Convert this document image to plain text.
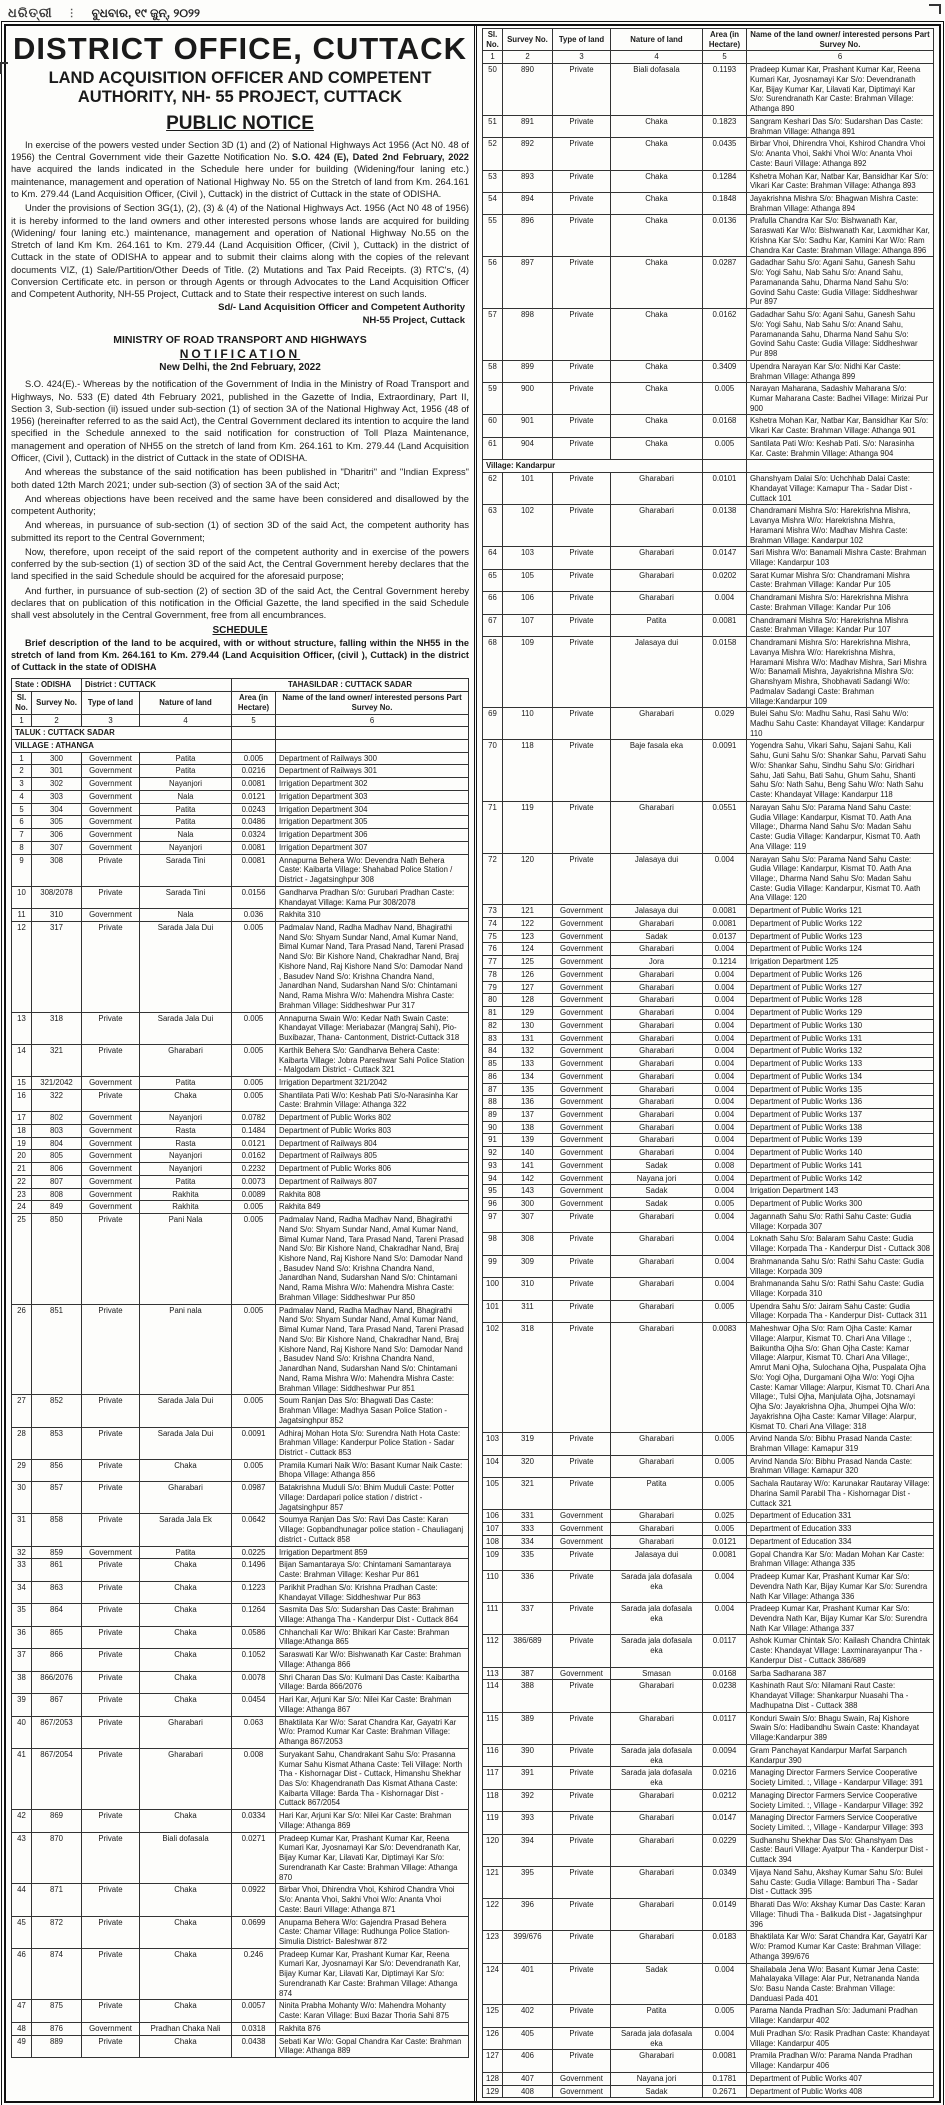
ଧରିତ୍ରୀ ⋮ ବୁଧବାର, ୧୯ ଜୁନ୍, ୨୦୨୨
DISTRICT OFFICE, CUTTACK
LAND ACQUISITION OFFICER AND COMPETENT
AUTHORITY, NH- 55 PROJECT, CUTTACK
PUBLIC NOTICE

In exercise of the powers vested under Section 3D (1) and (2) of National Highways Act 1956 (Act N0. 48 of 1956) the Central Government vide their Gazette Notification No. S.O. 424 (E), Dated 2nd February, 2022 have acquired the lands indicated in the Schedule here under for building (Widening/four laning etc.) maintenance, management and operation of National Highway No. 55 on the Stretch of land from Km. 264.161 to Km. 279.44 (Land Acquisition Officer, (Civil ), Cuttack) in the district of Cuttack in the state of ODISHA.

Under the provisions of Section 3G(1), (2), (3) & (4) of the National Highways Act. 1956 (Act N0 48 of 1956) it is hereby informed to the land owners and other interested persons whose lands are acquired for building (Widening/ four laning etc.) maintenance, management and operation of National Highway No.55 on the Stretch of land Km Km. 264.161 to Km. 279.44 (Land Acquisition Officer, (Civil ), Cuttack) in the district of Cuttack in the state of ODISHA to appear and to submit their claims along with the copies of the relevant documents VIZ, (1) Sale/Partition/Other Deeds of Title. (2) Mutations and Tax Paid Receipts. (3) RTC's, (4) Conversion Certificate etc. in person or through Agents or through Advocates to the Land Acquisition Officer and Competent Authority, NH-55 Project, Cuttack and to State their respective interest on such lands.

Sd/- Land Acquisition Officer and Competent Authority
NH-55 Project, Cuttack
MINISTRY OF ROAD TRANSPORT AND HIGHWAYS
NOTIFICATION
New Delhi, the 2nd February, 2022

S.O. 424(E).- Whereas by the notification of the Government of India in the Ministry of Road Transport and Highways, No. 533 (E) dated 4th February 2021, published in the Gazette of India, Extraordinary, Part II, Section 3, Sub-section (ii) issued under sub-section (1) of section 3A of the National Highway Act, 1956 (48 of 1956) (hereinafter referred to as the said Act), the Central Government declared its intention to acquire the land specified in the Schedule annexed to the said notification for construction of Toll Plaza Maintenance, management and operation of NH55 on the stretch of land from Km. 264.161 to Km. 279.44 (Land Acquisition Officer, (Civil ), Cuttack) in the district of Cuttack in the state of ODISHA.

And whereas the substance of the said notification has been published in "Dharitri" and "Indian Express" both dated 12th March 2021; under sub-section (3) of section 3A of the said Act;

And whereas objections have been received and the same have been considered and disallowed by the competent Authority;

And whereas, in pursuance of sub-section (1) of section 3D of the said Act, the competent authority has submitted its report to the Central Government;

Now, therefore, upon receipt of the said report of the competent authority and in exercise of the powers conferred by the sub-section (1) of section 3D of the said Act, the Central Government hereby declares that the land specified in the said Schedule should be acquired for the aforesaid purpose;

And further, in pursuance of sub-section (2) of section 3D of the said Act, the Central Government hereby declares that on publication of this notification in the Official Gazette, the land specified in the said Schedule shall vest absolutely in the Central Government, free from all encumbrances.

SCHEDULE

Brief description of the land to be acquired, with or without structure, falling within the NH55 in the stretch of land from Km. 264.161 to Km. 279.44 (Land Acquisition Officer, (civil ), Cuttack) in the district of Cuttack in the state of ODISHA

State : ODISHA		District : CUTTACK		TAHASILDAR : CUTTACK SADAR	
Sl. No.	Survey No.	Type of land	Nature of land	Area (in Hectare)	Name of the land owner/ interested persons Part Survey No.
1	2	3	4	5	6
TALUK : CUTTACK SADAR					
VILLAGE : ATHANGA					
1	300	Government	Patita	0.005	Department of Railways 300
2	301	Government	Patita	0.0216	Department of Railways 301
3	302	Government	Nayanjori	0.0081	Irrigation Department 302
4	303	Government	Nala	0.0121	Irrigation Department 303
5	304	Government	Patita	0.0243	Irrigation Department 304
6	305	Government	Patita	0.0486	Irrigation Department 305
7	306	Government	Nala	0.0324	Irrigation Department 306
8	307	Government	Nayanjori	0.0081	Irrigation Department 307
9	308	Private	Sarada Tini	0.0081	Annapurna Behera W/o: Devendra Nath Behera Caste: Kaibarta Village: Shahabad Police Station / District - Jagatsinghpur 308
10	308/2078	Private	Sarada Tini	0.0156	Gandharva Pradhan S/o: Gurubari Pradhan Caste: Khandayat Village: Kama Pur 308/2078
11	310	Government	Nala	0.036	Rakhita 310
12	317	Private	Sarada Jala Dui	0.005	Padmalav Nand, Radha Madhav Nand, Bhagirathi Nand S/o: Shyam Sundar Nand, Amal Kumar Nand, Bimal Kumar Nand, Tara Prasad Nand, Tareni Prasad Nand S/o: Bir Kishore Nand, Chakradhar Nand, Braj Kishore Nand, Raj Kishore Nand S/o: Damodar Nand , Basudev Nand S/o: Krishna Chandra Nand, Janardhan Nand, Sudarshan Nand S/o: Chintamani Nand, Rama Mishra W/o: Mahendra Mishra Caste: Brahman Village: Siddheshwar Pur 317
13	318	Private	Sarada Jala Dui	0.005	Annapurna Swain W/o: Kedar Nath Swain Caste: Khandayat Village: Meriabazar (Mangraj Sahi), Pio-Buxibazar, Thana- Cantonment, District-Cuttack 318
14	321	Private	Gharabari	0.005	Karthik Behera S/o: Gandharva Behera Caste: Kaibarta Village: Jobra Pareshwar Sahi Police Station - Malgodam District - Cuttack 321
15	321/2042	Government	Patita	0.005	Irrigation Department 321/2042
16	322	Private	Chaka	0.005	Shantilata Pati W/o: Keshab Pati S/o-Narasinha Kar Caste: Brahmin Village: Athanga 322
17	802	Government	Nayanjori	0.0782	Department of Public Works 802
18	803	Government	Rasta	0.1484	Department of Public Works 803
19	804	Government	Rasta	0.0121	Department of Railways 804
20	805	Government	Nayanjori	0.0162	Department of Railways 805
21	806	Government	Nayanjori	0.2232	Department of Public Works 806
22	807	Government	Patita	0.0073	Department of Railways 807
23	808	Government	Rakhita	0.0089	Rakhita 808
24	849	Government	Rakhita	0.005	Rakhita 849
25	850	Private	Pani Nala	0.005	Padmalav Nand, Radha Madhav Nand, Bhagirathi Nand S/o: Shyam Sundar Nand, Amal Kumar Nand, Bimal Kumar Nand, Tara Prasad Nand, Tareni Prasad Nand S/o: Bir Kishore Nand, Chakradhar Nand, Braj Kishore Nand, Raj Kishore Nand S/o: Damodar Nand , Basudev Nand S/o: Krishna Chandra Nand, Janardhan Nand, Sudarshan Nand S/o: Chintamani Nand, Rama Mishra W/o: Mahendra Mishra Caste: Brahman Village: Siddheshwar Pur 850
26	851	Private	Pani nala	0.005	Padmalav Nand, Radha Madhav Nand, Bhagirathi Nand S/o: Shyam Sundar Nand, Amal Kumar Nand, Bimal Kumar Nand, Tara Prasad Nand, Tareni Prasad Nand S/o: Bir Kishore Nand, Chakradhar Nand, Braj Kishore Nand, Raj Kishore Nand S/o: Damodar Nand , Basudev Nand S/o: Krishna Chandra Nand, Janardhan Nand, Sudarshan Nand S/o: Chintamani Nand, Rama Mishra W/o: Mahendra Mishra Caste: Brahman Village: Siddheshwar Pur 851
27	852	Private	Sarada Jala Dui	0.005	Soum Ranjan Das S/o: Bhagwati Das Caste: Brahman Village: Madhya Sasan Police Station - Jagatsinghpur 852
28	853	Private	Sarada Jala Dui	0.0091	Adhiraj Mohan Hota S/o: Surendra Nath Hota Caste: Brahman Village: Kanderpur Police Station - Sadar District - Cuttack 853
29	856	Private	Chaka	0.005	Pramila Kumari Naik W/o: Basant Kumar Naik Caste: Bhopa Village: Athanga 856
30	857	Private	Gharabari	0.0987	Batakrishna Muduli S/o: Bhim Muduli Caste: Potter Village: Dardapari police station / district - Jagatsinghpur 857
31	858	Private	Sarada Jala Ek	0.0642	Soumya Ranjan Das S/o: Ravi Das Caste: Karan Village: Gopbandhunagar police station - Chauliaganj district - Cuttack 858
32	859	Government	Patita	0.0225	Irrigation Department 859
33	861	Private	Chaka	0.1496	Bijan Samantaraya S/o: Chintamani Samantaraya Caste: Brahman Village: Keshar Pur 861
34	863	Private	Chaka	0.1223	Parikhit Pradhan S/o: Krishna Pradhan Caste: Khandayat Village: Siddheshwar Pur 863
35	864	Private	Chaka	0.1264	Sasmita Das S/o: Sudarshan Das Caste: Brahman Village: Athanga Tha - Kanderpur Dist - Cuttack 864
36	865	Private	Chaka	0.0586	Chhanchali Kar W/o: Bhikari Kar Caste: Brahman Village:Athanga 865
37	866	Private	Chaka	0.1052	Saraswati Kar W/o: Bishwanath Kar Caste: Brahman Village: Athanga 866
38	866/2076	Private	Chaka	0.0078	Shri Charan Das S/o: Kulmani Das Caste: Kaibartha Village: Barda 866/2076
39	867	Private	Chaka	0.0454	Hari Kar, Arjuni Kar S/o: Nilei Kar Caste: Brahman Village: Athanga 867
40	867/2053	Private	Gharabari	0.063	Bhaktilata Kar W/o: Sarat Chandra Kar, Gayatri Kar W/o: Pramod Kumar Kar Caste: Brahman Village: Athanga 867/2053
41	867/2054	Private	Gharabari	0.008	Suryakant Sahu, Chandrakant Sahu S/o: Prasanna Kumar Sahu Kismat Athana Caste: Teli Village: North Tha - Kishornagar Dist - Cuttack, Himanshu Shekhar Das S/o: Khagendranath Das Kismat Athana Caste: Kaibarta Village: Barda Tha - Kishornagar Dist - Cuttack 867/2054
42	869	Private	Chaka	0.0334	Hari Kar, Arjuni Kar S/o: Nilei Kar Caste: Brahman Village: Athanga 869
43	870	Private	Biali dofasala	0.0271	Pradeep Kumar Kar, Prashant Kumar Kar, Reena Kumari Kar, Jyosnamayi Kar S/o: Devendranath Kar, Bijay Kumar Kar, Lilavati Kar, Diptimayi Kar S/o: Surendranath Kar Caste: Brahman Village: Athanga 870
44	871	Private	Chaka	0.0922	Birbar Vhoi, Dhirendra Vhoi, Kshirod Chandra Vhoi S/o: Ananta Vhoi, Sakhi Vhoi W/o: Ananta Vhoi Caste: Bauri Village: Athanga 871
45	872	Private	Chaka	0.0699	Anupama Behera W/o: Gajendra Prasad Behera Caste: Chamar Village: Rudhunga Police Station-Simulia District- Baleshwar 872
46	874	Private	Chaka	0.246	Pradeep Kumar Kar, Prashant Kumar Kar, Reena Kumari Kar, Jyosnamayi Kar S/o: Devendranath Kar, Bijay Kumar Kar, Lilavati Kar, Diptimayi Kar S/o: Surendranath Kar Caste: Brahman Village: Athanga 874
47	875	Private	Chaka	0.0057	Ninita Prabha Mohanty W/o: Mahendra Mohanty Caste: Karan Village: Buxi Bazar Thoria Sahi 875
48	876	Government	Pradhan Chaka Nali	0.0318	Rakhita 876
49	889	Private	Chaka	0.0438	Sebati Kar W/o: Gopal Chandra Kar Caste: Brahman Village: Athanga 889
Sl. No.	Survey No.	Type of land	Nature of land	Area (in Hectare)	Name of the land owner/ interested persons Part Survey No.
1	2	3	4	5	6
50	890	Private	Biali dofasala	0.1193	Pradeep Kumar Kar, Prashant Kumar Kar, Reena Kumari Kar, Jyosnamayi Kar S/o: Devendranath Kar, Bijay Kumar Kar, Lilavati Kar, Diptimayi Kar S/o: Surendranath Kar Caste: Brahman Village: Athanga 890
51	891	Private	Chaka	0.1823	Sangram Keshari Das S/o: Sudarshan Das Caste: Brahman Village: Athanga 891
52	892	Private	Chaka	0.0435	Birbar Vhoi, Dhirendra Vhoi, Kshirod Chandra Vhoi S/o: Ananta Vhoi, Sakhi Vhoi W/o: Ananta Vhoi Caste: Bauri Village: Athanga 892
53	893	Private	Chaka	0.1284	Kshetra Mohan Kar, Natbar Kar, Bansidhar Kar S/o: Vikari Kar Caste: Brahman Village: Athanga 893
54	894	Private	Chaka	0.1848	Jayakrishna Mishra S/o: Bhagwan Mishra Caste: Brahman Village: Athanga 894
55	896	Private	Chaka	0.0136	Prafulla Chandra Kar S/o: Bishwanath Kar, Saraswati Kar W/o: Bishwanath Kar, Laxmidhar Kar, Krishna Kar S/o: Sadhu Kar, Kamini Kar W/o: Ram Chandra Kar Caste: Brahman Village: Athanga 896
56	897	Private	Chaka	0.0287	Gadadhar Sahu S/o: Agani Sahu, Ganesh Sahu S/o: Yogi Sahu, Nab Sahu S/o: Anand Sahu, Paramananda Sahu, Dharma Nand Sahu S/o: Govind Sahu Caste: Gudia Village: Siddheshwar Pur 897
57	898	Private	Chaka	0.0162	Gadadhar Sahu S/o: Agani Sahu, Ganesh Sahu S/o: Yogi Sahu, Nab Sahu S/o: Anand Sahu, Paramananda Sahu, Dharma Nand Sahu S/o: Govind Sahu Caste: Gudia Village: Siddheshwar Pur 898
58	899	Private	Chaka	0.3409	Upendra Narayan Kar S/o: Nidhi Kar Caste: Brahman Village: Athanga 899
59	900	Private	Chaka	0.005	Narayan Maharana, Sadashiv Maharana S/o: Kumar Maharana Caste: Badhei Village: Mirizai Pur 900
60	901	Private	Chaka	0.0168	Kshetra Mohan Kar, Natbar Kar, Bansidhar Kar S/o: Vikari Kar Caste: Brahman Village: Athanga 901
61	904	Private	Chaka	0.005	Santilata Pati W/o: Keshab Pati. S/o: Narasinha Kar. Caste: Brahmin Village: Athanga 904
Village: Kandarpur					
62	101	Private	Gharabari	0.0101	Ghanshyam Dalai S/o: Uchchhab Dalai Caste: Khandayat Village: Kamapur Tha - Sadar Dist - Cuttack 101
63	102	Private	Gharabari	0.0138	Chandramani Mishra S/o: Harekrishna Mishra, Lavanya Mishra W/o: Harekrishna Mishra, Haramani Mishra W/o: Madhav Mishra Caste: Brahman Village: Kandarpur 102
64	103	Private	Gharabari	0.0147	Sari Mishra W/o: Banamali Mishra Caste: Brahman Village: Kandarpur 103
65	105	Private	Gharabari	0.0202	Sarat Kumar Mishra S/o: Chandramani Mishra Caste: Brahman Village: Kandar Pur 105
66	106	Private	Gharabari	0.004	Chandramani Mishra S/o: Harekrishna Mishra Caste: Brahman Village: Kandar Pur 106
67	107	Private	Patita	0.0081	Chandramani Mishra S/o: Harekrishna Mishra Caste: Brahman Village: Kandar Pur 107
68	109	Private	Jalasaya dui	0.0158	Chandramani Mishra S/o: Harekrishna Mishra, Lavanya Mishra W/o: Harekrishna Mishra, Haramani Mishra W/o: Madhav Mishra, Sari Mishra W/o: Banamali Mishra, Jayakrishna Mishra S/o: Ghanshyam Mishra, Shobhavati Sadangi W/o: Padmalav Sadangi Caste: Brahman Village:Kandarpur 109
69	110	Private	Gharabari	0.029	Bulei Sahu S/o: Madhu Sahu, Rasi Sahu W/o: Madhu Sahu Caste: Khandayat Village: Kandarpur 110
70	118	Private	Baje fasala eka	0.0091	Yogendra Sahu, Vikari Sahu, Sajani Sahu, Kali Sahu, Guni Sahu S/o: Shankar Sahu, Parvati Sahu W/o: Shankar Sahu, Sindhu Sahu S/o: Giridhari Sahu, Jati Sahu, Bati Sahu, Ghum Sahu, Shanti Sahu S/o: Nath Sahu, Beng Sahu W/o: Nath Sahu Caste: Khandayat Village: Kandarpur 118
71	119	Private	Gharabari	0.0551	Narayan Sahu S/o: Parama Nand Sahu Caste: Gudia Village: Kandarpur, Kismat T0. Aath Ana Village:, Dharma Nand Sahu S/o: Madan Sahu Caste: Gudia Village: Kandarpur, Kismat T0. Aath Ana Village: 119
72	120	Private	Jalasaya dui	0.004	Narayan Sahu S/o: Parama Nand Sahu Caste: Gudia Village: Kandarpur, Kismat T0. Aath Ana Village:, Dharma Nand Sahu S/o: Madan Sahu Caste: Gudia Village: Kandarpur, Kismat T0. Aath Ana Village: 120
73	121	Government	Jalasaya dui	0.0081	Department of Public Works 121
74	122	Government	Gharabari	0.0081	Department of Public Works 122
75	123	Government	Sadak	0.0137	Department of Public Works 123
76	124	Government	Gharabari	0.004	Department of Public Works 124
77	125	Government	Jora	0.1214	Irrigation Department 125
78	126	Government	Gharabari	0.004	Department of Public Works 126
79	127	Government	Gharabari	0.004	Department of Public Works 127
80	128	Government	Gharabari	0.004	Department of Public Works 128
81	129	Government	Gharabari	0.004	Department of Public Works 129
82	130	Government	Gharabari	0.004	Department of Public Works 130
83	131	Government	Gharabari	0.004	Department of Public Works 131
84	132	Government	Gharabari	0.004	Department of Public Works 132
85	133	Government	Gharabari	0.004	Department of Public Works 133
86	134	Government	Gharabari	0.004	Department of Public Works 134
87	135	Government	Gharabari	0.004	Department of Public Works 135
88	136	Government	Gharabari	0.004	Department of Public Works 136
89	137	Government	Gharabari	0.004	Department of Public Works 137
90	138	Government	Gharabari	0.004	Department of Public Works 138
91	139	Government	Gharabari	0.004	Department of Public Works 139
92	140	Government	Gharabari	0.004	Department of Public Works 140
93	141	Government	Sadak	0.008	Department of Public Works 141
94	142	Government	Nayana jori	0.004	Department of Public Works 142
95	143	Government	Sadak	0.004	Irrigation Department 143
96	300	Government	Sadak	0.005	Department of Public Works 300
97	307	Private	Gharabari	0.004	Jagannath Sahu S/o: Rathi Sahu Caste: Gudia Village: Korpada 307
98	308	Private	Gharabari	0.004	Loknath Sahu S/o: Balaram Sahu Caste: Gudia Village: Korpada Tha - Kanderpur Dist - Cuttack 308
99	309	Private	Gharabari	0.004	Brahmananda Sahu S/o: Rathi Sahu Caste: Gudia Village: Korpada 309
100	310	Private	Gharabari	0.004	Brahmananda Sahu S/o: Rathi Sahu Caste: Gudia Village: Korpada 310
101	311	Private	Gharabari	0.005	Upendra Sahu S/o: Jairam Sahu Caste: Gudia Village: Korpada Tha - Kanderpur Dist- Cuttack 311
102	318	Private	Gharabari	0.0083	Maheshwar Ojha S/o: Ram Ojha Caste: Kamar Village: Alarpur, Kismat T0. Chari Ana Village :, Baikuntha Ojha S/o: Ghan Ojha Caste: Kamar Village: Alarpur, Kismat T0. Chari Ana Village:, Amrut Mani Ojha, Sulochana Ojha, Puspalata Ojha S/o: Yogi Ojha, Durgamani Ojha W/o: Yogi Ojha Caste: Kamar Village: Alarpur, Kismat T0. Chari Ana Village:, Tulsi Ojha, Manjulata Ojha, Jotsnamayi Ojha S/o: Jayakrishna Ojha, Jhumpei Ojha W/o: Jayakrishna Ojha Caste: Kamar Village: Alarpur, Kismat T0. Chari Ana Village: 318
103	319	Private	Gharabari	0.005	Arvind Nanda S/o: Bibhu Prasad Nanda Caste: Brahman Village: Kamapur 319
104	320	Private	Gharabari	0.005	Arvind Nanda S/o: Bibhu Prasad Nanda Caste: Brahman Village: Kamapur 320
105	321	Private	Patita	0.005	Sachala Rautaray W/o: Karunakar Rautaray Village: Dharina Samil Parabil Tha - Kishornagar Dist - Cuttack 321
106	331	Government	Gharabari	0.025	Department of Education 331
107	333	Government	Gharabari	0.005	Department of Education 333
108	334	Government	Gharabari	0.0121	Department of Education 334
109	335	Private	Jalasaya dui	0.0081	Gopal Chandra Kar S/o: Madan Mohan Kar Caste: Brahman Village: Athanga 335
110	336	Private	Sarada jala dofasala eka	0.004	Pradeep Kumar Kar, Prashant Kumar Kar S/o: Devendra Nath Kar, Bijay Kumar Kar S/o: Surendra Nath Kar Village: Athanga 336
111	337	Private	Sarada jala dofasala eka	0.004	Pradeep Kumar Kar, Prashant Kumar Kar S/o: Devendra Nath Kar, Bijay Kumar Kar S/o: Surendra Nath Kar Village: Athanga 337
112	386/689	Private	Sarada jala dofasala eka	0.0117	Ashok Kumar Chintak S/o: Kailash Chandra Chintak Caste: Khandayat Village: Laxminarayanpur Tha - Kanderpur Dist - Cuttack 386/689
113	387	Government	Smasan	0.0168	Sarba Sadharana 387
114	388	Private	Gharabari	0.0238	Kashinath Raut S/o: Nilamani Raut Caste: Khandayat Village: Shankarpur Nuasahi Tha - Madhupatna Dist - Cuttack 388
115	389	Private	Gharabari	0.0117	Konduri Swain S/o: Bhagu Swain, Raj Kishore Swain S/o: Hadibandhu Swain Caste: Khandayat Village:Kandarpur 389
116	390	Private	Sarada jala dofasala eka	0.0094	Gram Panchayat Kandarpur Marfat Sarpanch Kandarpur 390
117	391	Private	Sarada jala dofasala eka	0.0216	Managing Director Farmers Service Cooperative Society Limited. :, Village - Kandarpur Village: 391
118	392	Private	Gharabari	0.0212	Managing Director Farmers Service Cooperative Society Limited. :, Village - Kandarpur Village: 392
119	393	Private	Gharabari	0.0147	Managing Director Farmers Service Cooperative Society Limited. :, Village - Kandarpur Village: 393
120	394	Private	Gharabari	0.0229	Sudhanshu Shekhar Das S/o: Ghanshyam Das Caste: Bauri Village: Ayatpur Tha - Kanderpur Dist - Cuttack 394
121	395	Private	Gharabari	0.0349	Vijaya Nand Sahu, Akshay Kumar Sahu S/o: Bulei Sahu Caste: Gudia Village: Bamburi Tha - Sadar Dist - Cuttack 395
122	396	Private	Gharabari	0.0149	Bharati Das W/o: Akshay Kumar Das Caste: Karan Village: Tihudi Tha - Balikuda Dist - Jagatsinghpur 396
123	399/676	Private	Gharabari	0.0183	Bhaktilata Kar W/o: Sarat Chandra Kar, Gayatri Kar W/o: Pramod Kumar Kar Caste: Brahman Village: Athanga 399/676
124	401	Private	Sadak	0.004	Shailabala Jena W/o: Basant Kumar Jena Caste: Mahalayaka Village: Alar Pur, Netrananda Nanda S/o: Basu Nanda Caste: Brahman Village: Danduasi Pada 401
125	402	Private	Patita	0.005	Parama Nanda Pradhan S/o: Jadumani Pradhan Village: Kandarpur 402
126	405	Private	Sarada jala dofasala eka	0.004	Muli Pradhan S/o: Rasik Pradhan Caste: Khandayat Village: Kandarpur 405
127	406	Private	Gharabari	0.0081	Pramila Pradhan W/o: Parama Nanda Pradhan Village: Kandarpur 406
128	407	Government	Nayana jori	0.1781	Department of Public Works 407
129	408	Government	Sadak	0.2671	Department of Public Works 408
